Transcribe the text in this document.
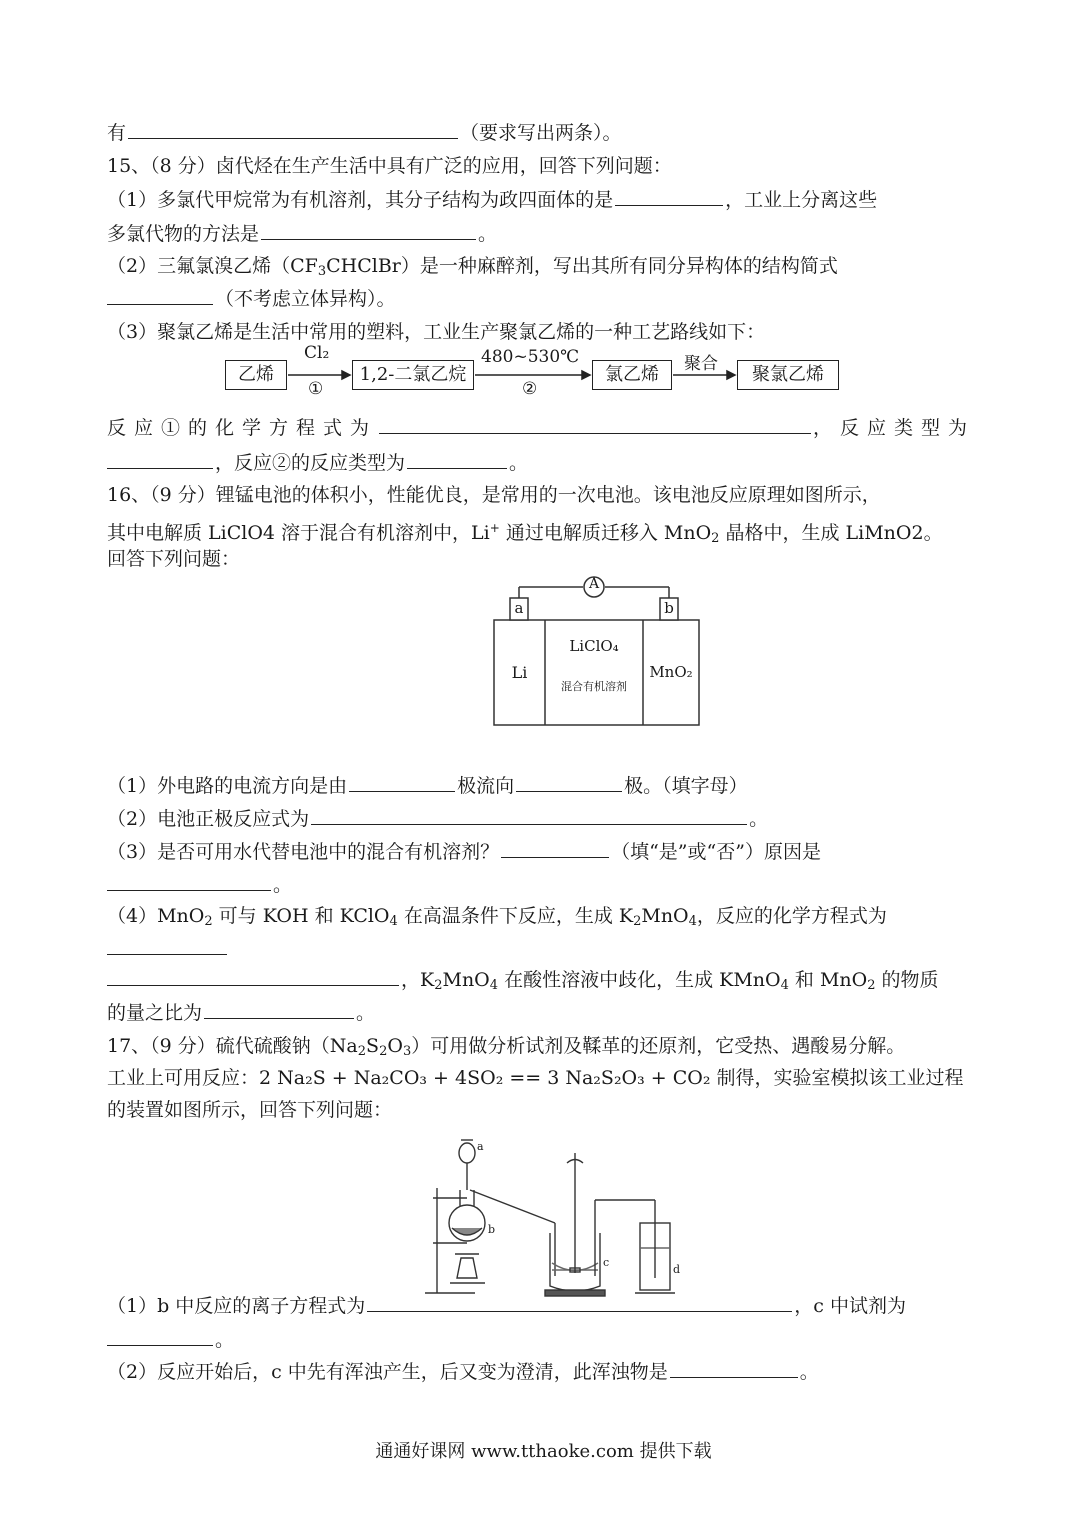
有	（要求写出两条）。
15、（8 分）卤代烃在生产生活中具有广泛的应用，回答下列问题：
（1）多氯代甲烷常为有机溶剂，其分子结构为政四面体的是	，工业上分离这些
多氯代物的方法是	。
（2）三氟氯溴乙烯$(CF_3CHClBr)$是一种麻醉剂，写出其所有同分异构体的结构简式
（不考虑立体异构）。
（3）聚氯乙烯是生活中常用的塑料，工业生产聚氯乙烯的一种工艺路线如下：
乙烯	1,2-二氯乙烷	氯乙烯	聚氯乙烯
Cl₂
①
480~530℃
②
聚合
反应①的化学方程式为	，反应类型为
，反应②的反应类型为	。
16、（9 分）锂锰电池的体积小，性能优良，是常用的一次电池。该电池反应原理如图所示，
其中电解质 LiClO4 溶于混合有机溶剂中，Li+ 通过电解质迁移入 MnO$_2$ 晶格中，生成 LiMnO2。
回答下列问题：
A
a	b
Li
LiClO₄
混合有机溶剂
MnO₂
（1）外电路的电流方向是由	极流向	极。（填字母）
（2）电池正极反应式为	。
（3）是否可用水代替电池中的混合有机溶剂？	（填“是”或“否”）原因是
。
（4）MnO$_2$ 可与 KOH 和 KClO$_4$ 在高温条件下反应，生成 $K_2MnO_4$，反应的化学方程式为
，$K_2MnO_4$ 在酸性溶液中歧化，生成 KMnO$_4$ 和 MnO$_2$ 的物质
的量之比为	。
17、（9 分）硫代硫酸钠$(Na_2S_2O_3)$可用做分析试剂及鞣革的还原剂，它受热、遇酸易分解。
工业上可用反应：2 Na₂S + Na₂CO₃ + 4SO₂ == 3 Na₂S₂O₃ + CO₂ 制得，实验室模拟该工业过程
的装置如图所示，回答下列问题：
a
b
c
d
（1）b 中反应的离子方程式为	，c 中试剂为
。
（2）反应开始后，c 中先有浑浊产生，后又变为澄清，此浑浊物是	。
通通好课网 www.tthaoke.com 提供下载
